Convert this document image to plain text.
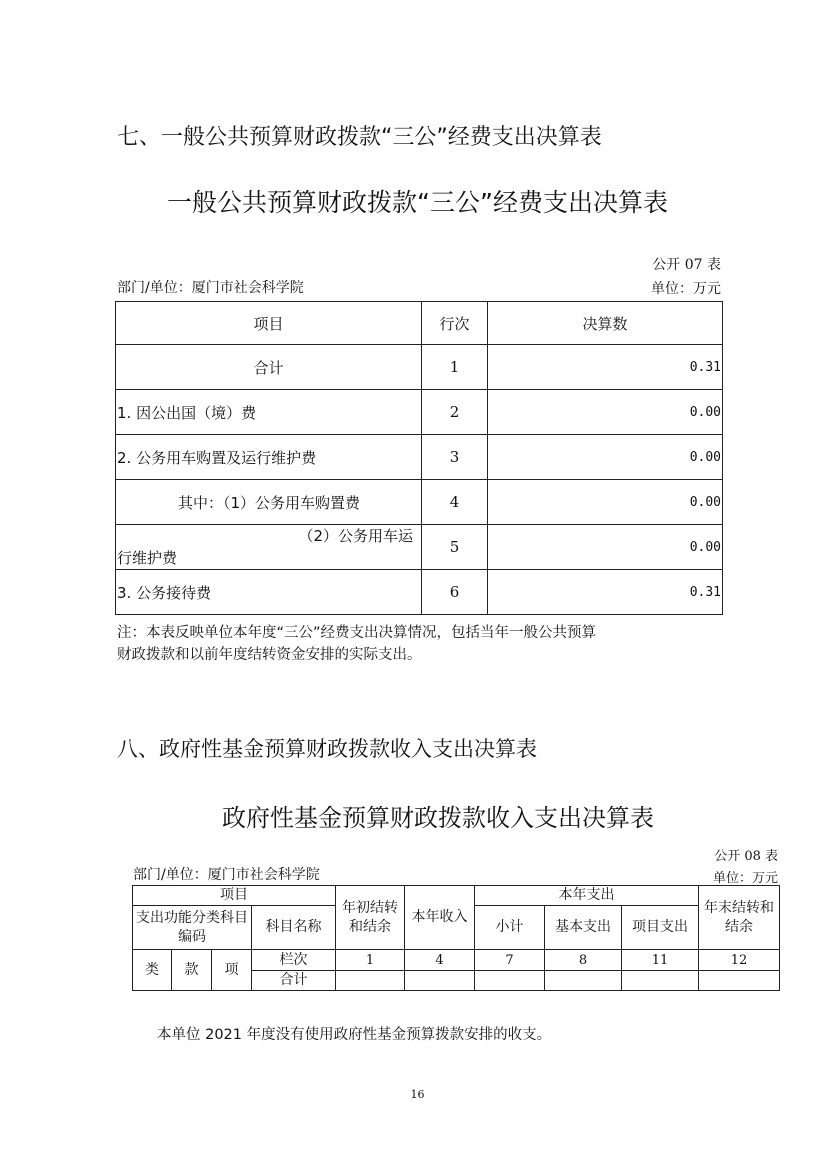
七、一般公共预算财政拨款“三公”经费支出决算表
一般公共预算财政拨款“三公”经费支出决算表
公开 07 表
部门/单位：厦门市社会科学院	单位：万元
项目	行次	决算数
合计	1	0.31
1. 因公出国（境）费	2	0.00
2. 公务用车购置及运行维护费	3	0.00
其中：（1）公务用车购置费	4	0.00

（2）公务用车运
行维护费	5	0.00
3. 公务接待费	6	0.31
注：本表反映单位本年度“三公”经费支出决算情况，包括当年一般公共预算
财政拨款和以前年度结转资金安排的实际支出。
八、政府性基金预算财政拨款收入支出决算表
政府性基金预算财政拨款收入支出决算表
公开 08 表
部门/单位：厦门市社会科学院	单位：万元
项目				年初结转和结余	本年收入	本年支出			年末结转和结余
支出功能分类科目编码			科目名称			小计	基本支出	项目支出	
类	款	项	栏次	1	4	7	8	11	12
			合计						
本单位 2021 年度没有使用政府性基金预算拨款安排的收支。
16
